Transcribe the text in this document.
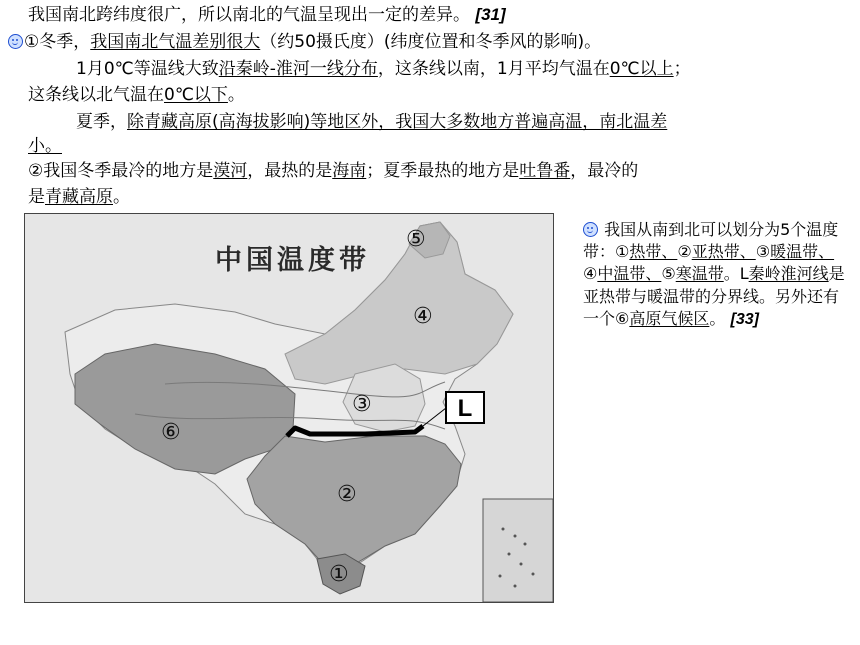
我国南北跨纬度很广，所以南北的气温呈现出一定的差异。 [31]
①冬季，我国南北气温差别很大（约50摄氏度）(纬度位置和冬季风的影响)。
1月0℃等温线大致沿秦岭-淮河一线分布，这条线以南，1月平均气温在0℃以上；
这条线以北气温在0℃以下。
夏季，除青藏高原(高海拔影响)等地区外，我国大多数地方普遍高温，南北温差
小。
②我国冬季最冷的地方是漠河，最热的是海南；夏季最热的地方是吐鲁番，最冷的
是青藏高原。
中国温度带
⑤
④
③
⑥
②
①
L
我国从南到北可以划分为5个温度带：①热带、②亚热带、③暖温带、④中温带、⑤寒温带。L秦岭淮河线是亚热带与暖温带的分界线。另外还有一个⑥高原气候区。 [33]
